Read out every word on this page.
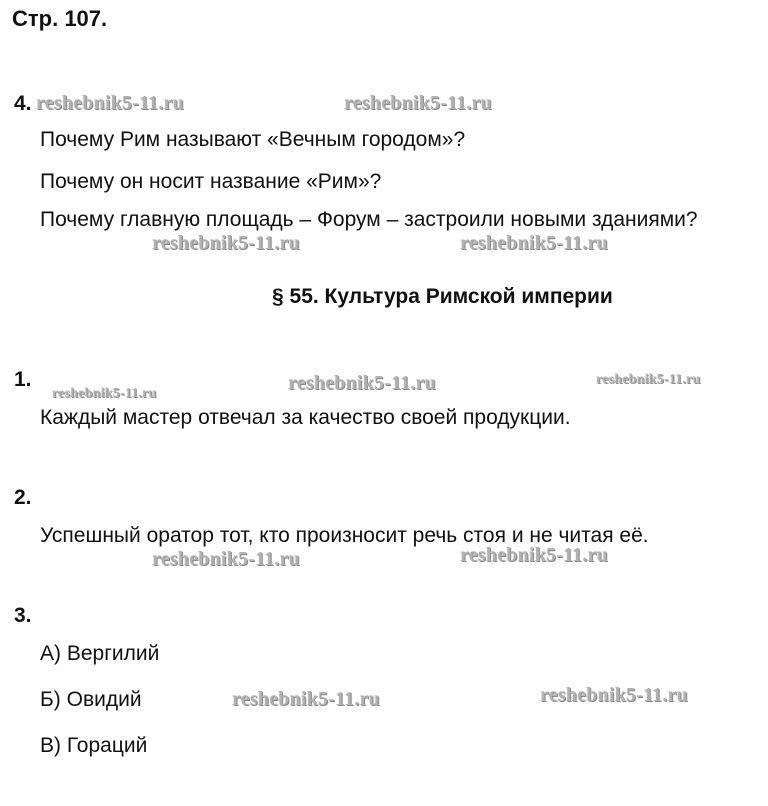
Стр. 107.
4.
Почему Рим называют «Вечным городом»?
Почему он носит название «Рим»?
Почему главную площадь – Форум – застроили новыми зданиями?
§ 55. Культура Римской империи
1.
Каждый мастер отвечал за качество своей продукции.
2.
Успешный оратор тот, кто произносит речь стоя и не читая её.
3.
А) Вергилий
Б) Овидий
В) Гораций
reshebnik5-11.ru	reshebnik5-11.ru
reshebnik5-11.ru	reshebnik5-11.ru
reshebnik5-11.ru	reshebnik5-11.ru	reshebnik5-11.ru
reshebnik5-11.ru	reshebnik5-11.ru
reshebnik5-11.ru	reshebnik5-11.ru
